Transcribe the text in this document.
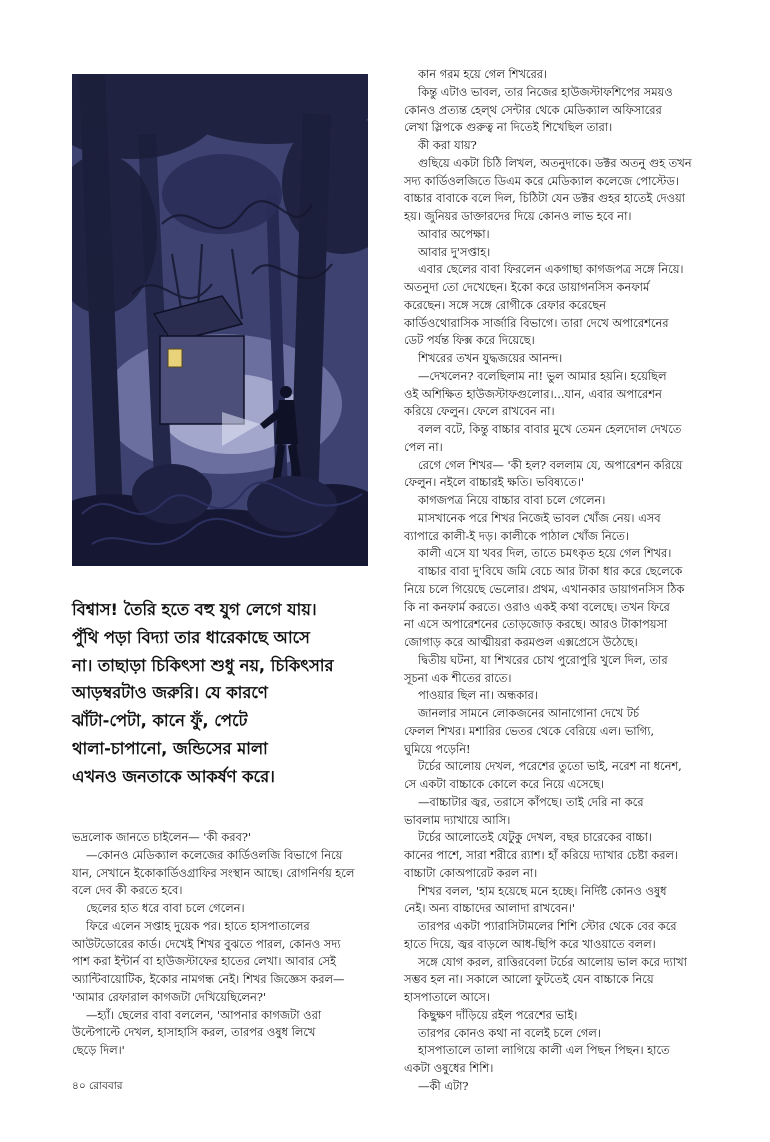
বিশ্বাস! তৈরি হতে বহু যুগ লেগে যায়।

পুঁথি পড়া বিদ্যা তার ধারেকাছে আসে

না। তাছাড়া চিকিৎসা শুধু নয়, চিকিৎসার

আড়ম্বরটাও জরুরি। যে কারণে

ঝাঁটা-পেটা, কানে ফুঁ, পেটে

থালা-চাপানো, জন্ডিসের মালা

এখনও জনতাকে আকর্ষণ করে।

ভদ্রলোক জানতে চাইলেন— 'কী করব?'

—কোনও মেডিক্যাল কলেজের কার্ডিওলজি বিভাগে নিয়ে

যান, সেখানে ইকোকার্ডিওগ্রাফির সংস্থান আছে। রোগনির্ণয় হলে

বলে দেব কী করতে হবে।

ছেলের হাত ধরে বাবা চলে গেলেন।

ফিরে এলেন সপ্তাহ দুয়েক পর। হাতে হাসপাতালের

আউটডোরের কার্ড। দেখেই শিখর বুঝতে পারল, কোনও সদ্য

পাশ করা ইন্টার্ন বা হাউজস্টাফের হাতের লেখা। আবার সেই

অ্যান্টিবায়োটিক, ইকোর নামগন্ধ নেই। শিখর জিজ্ঞেস করল—

'আমার রেফারাল কাগজটা দেখিয়েছিলেন?'

—হ্যাঁ। ছেলের বাবা বললেন, 'আপনার কাগজটা ওরা

উল্টেপাল্টে দেখল, হাসাহাসি করল, তারপর ওষুধ লিখে

ছেড়ে দিল।'

কান গরম হয়ে গেল শিখরের।

কিন্তু এটাও ভাবল, তার নিজের হাউজস্টাফশিপের সময়ও

কোনও প্রত্যন্ত হেল্থ সেন্টার থেকে মেডিক্যাল অফিসারের

লেখা স্লিপকে গুরুত্ব না দিতেই শিখেছিল তারা।

কী করা যায়?

গুছিয়ে একটা চিঠি লিখল, অতনুদাকে। ডক্টর অতনু গুহ তখন

সদ্য কার্ডিওলজিতে ডিএম করে মেডিক্যাল কলেজে পোস্টেড।

বাচ্চার বাবাকে বলে দিল, চিঠিটা যেন ডক্টর গুহর হাতেই দেওয়া

হয়। জুনিয়র ডাক্তারদের দিয়ে কোনও লাভ হবে না।

আবার অপেক্ষা।

আবার দু'সপ্তাহ।

এবার ছেলের বাবা ফিরলেন একগাছা কাগজপত্র সঙ্গে নিয়ে।

অতনুদা তো দেখেছেন। ইকো করে ডায়াগনসিস কনফার্ম

করেছেন। সঙ্গে সঙ্গে রোগীকে রেফার করেছেন

কার্ডিওথোরাসিক সার্জারি বিভাগে। তারা দেখে অপারেশনের

ডেট পর্যন্ত ফিক্স করে দিয়েছে।

শিখরের তখন যুদ্ধজয়ের আনন্দ।

—দেখলেন? বলেছিলাম না! ভুল আমার হয়নি। হয়েছিল

ওই অশিক্ষিত হাউজস্টাফগুলোর।...যান, এবার অপারেশন

করিয়ে ফেলুন। ফেলে রাখবেন না।

বলল বটে, কিন্তু বাচ্চার বাবার মুখে তেমন হেলদোল দেখতে

পেল না।

রেগে গেল শিখর— 'কী হল? বললাম যে, অপারেশন করিয়ে

ফেলুন। নইলে বাচ্চারই ক্ষতি। ভবিষ্যতে।'

কাগজপত্র নিয়ে বাচ্চার বাবা চলে গেলেন।

মাসখানেক পরে শিখর নিজেই ভাবল খোঁজ নেয়। এসব

ব্যাপারে কালী-ই দড়। কালীকে পাঠাল খোঁজ নিতে।

কালী এসে যা খবর দিল, তাতে চমৎকৃত হয়ে গেল শিখর।

বাচ্চার বাবা দু'বিঘে জমি বেচে আর টাকা ধার করে ছেলেকে

নিয়ে চলে গিয়েছে ভেলোর। প্রথম, এখানকার ডায়াগনসিস ঠিক

কি না কনফার্ম করতে। ওরাও একই কথা বলেছে। তখন ফিরে

না এসে অপারেশনের তোড়জোড় করছে। আরও টাকাপয়সা

জোগাড় করে আত্মীয়রা করমণ্ডল এক্সপ্রেসে উঠেছে।

দ্বিতীয় ঘটনা, যা শিখরের চোখ পুরোপুরি খুলে দিল, তার

সূচনা এক শীতের রাতে।

পাওয়ার ছিল না। অন্ধকার।

জানলার সামনে লোকজনের আনাগোনা দেখে টর্চ

ফেলল শিখর। মশারির ভেতর থেকে বেরিয়ে এল। ভাগ্যি,

ঘুমিয়ে পড়েনি!

টর্চের আলোয় দেখল, পরেশের তুতো ভাই, নরেশ না ধনেশ,

সে একটা বাচ্চাকে কোলে করে নিয়ে এসেছে।

—বাচ্চাটার জ্বর, তরাসে কাঁপছে। তাই দেরি না করে

ভাবলাম দ্যাখায়ে আসি।

টর্চের আলোতেই যেটুকু দেখল, বছর চারেকের বাচ্চা।

কানের পাশে, সারা শরীরে র‍্যাশ। হাঁ করিয়ে দ্যাখার চেষ্টা করল।

বাচ্চাটা কোঅপারেট করল না।

শিখর বলল, 'হাম হয়েছে মনে হচ্ছে। নির্দিষ্ট কোনও ওষুধ

নেই। অন্য বাচ্চাদের আলাদা রাখবেন।'

তারপর একটা প্যারাসিটামলের শিশি স্টোর থেকে বের করে

হাতে দিয়ে, জ্বর বাড়লে আধ-ছিপি করে খাওয়াতে বলল।

সঙ্গে যোগ করল, রাত্তিরবেলা টর্চের আলোয় ভাল করে দ্যাখা

সম্ভব হল না। সকালে আলো ফুটতেই যেন বাচ্চাকে নিয়ে

হাসপাতালে আসে।

কিছুক্ষণ দাঁড়িয়ে রইল পরেশের ভাই।

তারপর কোনও কথা না বলেই চলে গেল।

হাসপাতালে তালা লাগিয়ে কালী এল পিছন পিছন। হাতে

একটা ওষুধের শিশি।

—কী এটা?

৪০ রোববার
